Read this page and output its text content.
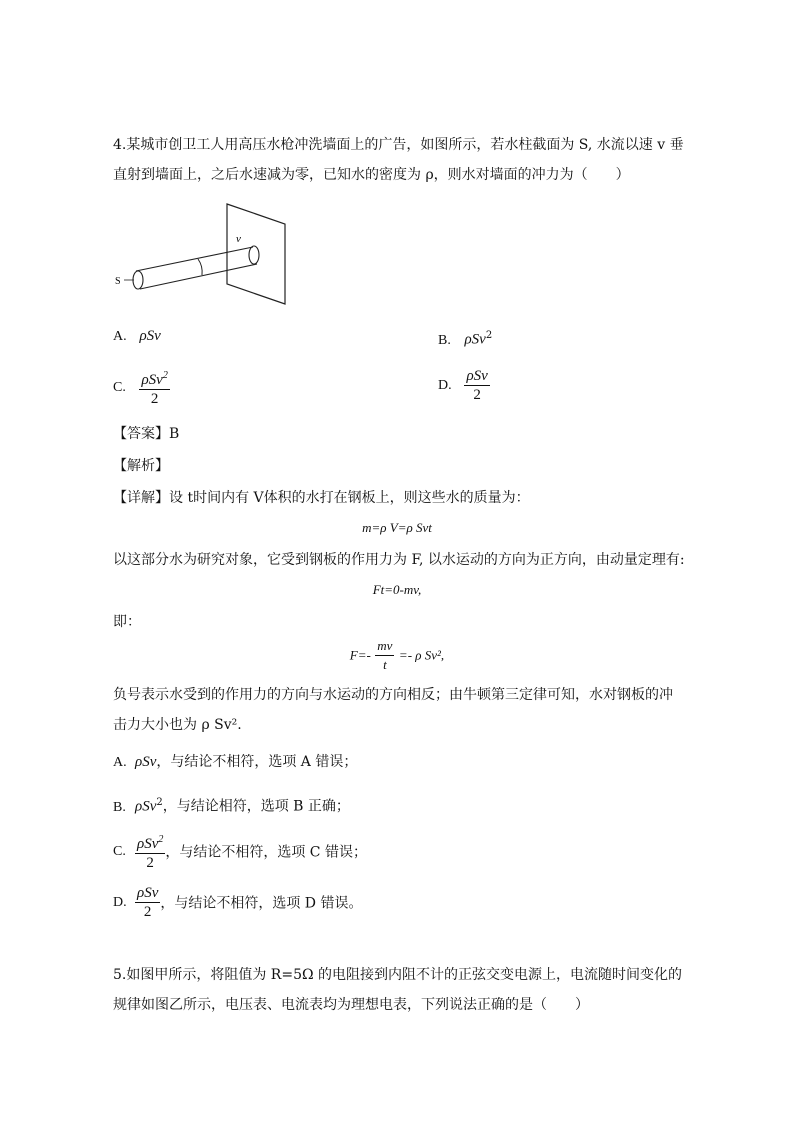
4.某城市创卫工人用高压水枪冲洗墙面上的广告，如图所示，若水柱截面为 S, 水流以速 v 垂
直射到墙面上，之后水速减为零，已知水的密度为 ρ，则水对墙面的冲力为（　　）
S
v
A. ρSv	B. ρSv$^2$
C. $\frac{\rho Sv^2}{2}$	D. $\frac{\text{ρSv}}{2}$
【答案】B
【解析】
【详解】设 t时间内有 V体积的水打在钢板上，则这些水的质量为：
m=ρ V=ρ Svt
以这部分水为研究对象，它受到钢板的作用力为 F, 以水运动的方向为正方向，由动量定理有:
Ft=0-mv,
即：
$F=- \frac{mv}{t} =- \rho$ Sv²,
负号表示水受到的作用力的方向与水运动的方向相反；由牛顿第三定律可知，水对钢板的冲
击力大小也为 ρ Sv².
A. ρSv，与结论不相符，选项 A 错误；
B. ρSv$^2$，与结论相符，选项 B 正确；
C. $\frac{\rho Sv^2}{2}$ ，与结论不相符，选项 C 错误；
D. $\frac{\text{ρSv}}{2}$ ，与结论不相符，选项 D 错误。
5.如图甲所示，将阻值为 R=5Ω 的电阻接到内阻不计的正弦交变电源上，电流随时间变化的
规律如图乙所示，电压表、电流表均为理想电表，下列说法正确的是（　　）
